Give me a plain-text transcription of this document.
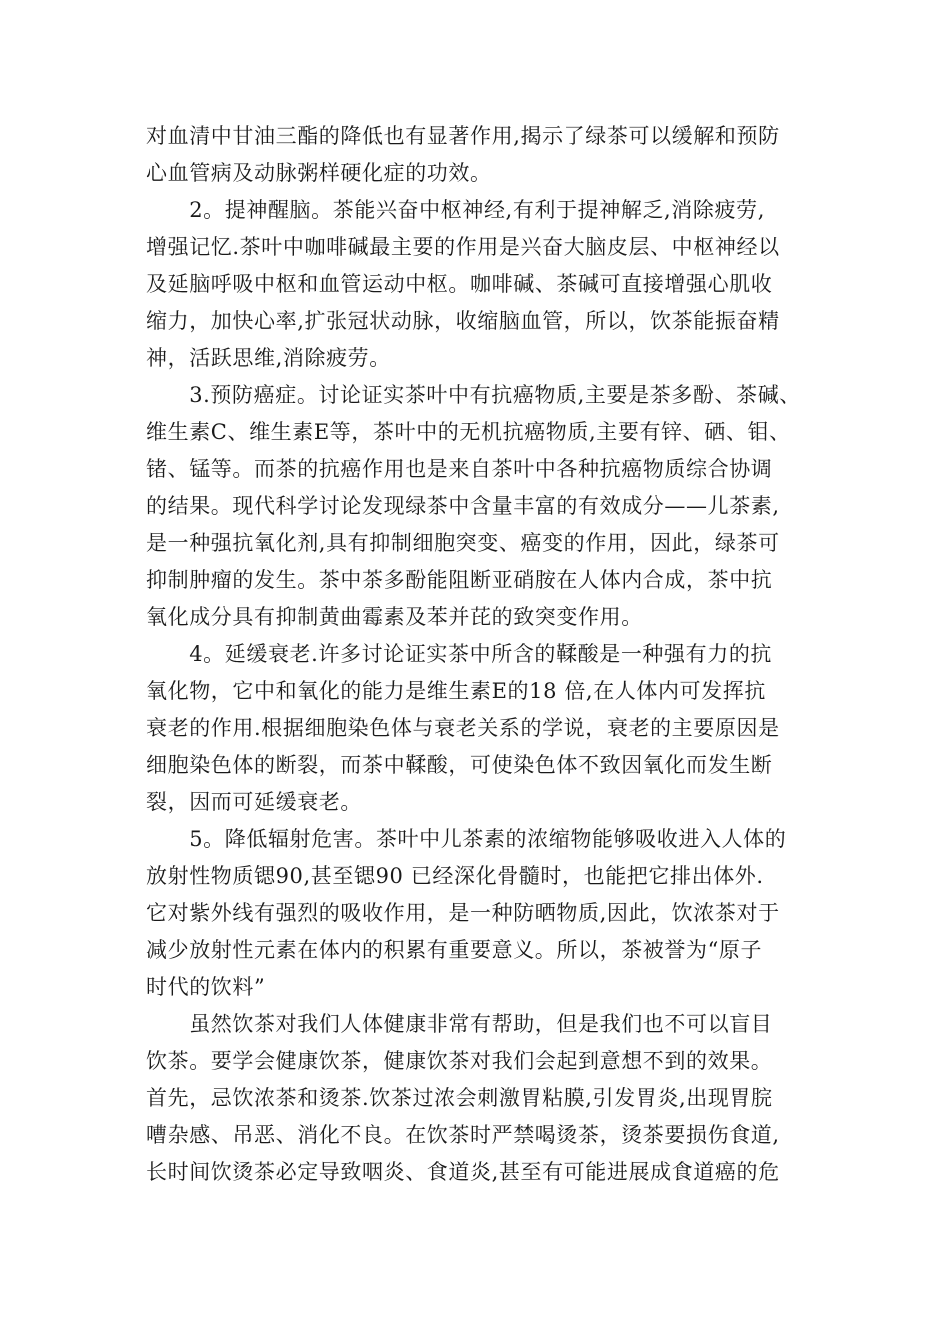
对血清中甘油三酯的降低也有显著作用,揭示了绿茶可以缓解和预防
心血管病及动脉粥样硬化症的功效。
　　2。提神醒脑。茶能兴奋中枢神经,有利于提神解乏,消除疲劳,
增强记忆.茶叶中咖啡碱最主要的作用是兴奋大脑皮层、中枢神经以
及延脑呼吸中枢和血管运动中枢。咖啡碱、茶碱可直接增强心肌收
缩力，加快心率,扩张冠状动脉，收缩脑血管，所以，饮茶能振奋精
神，活跃思维,消除疲劳。
　　3.预防癌症。讨论证实茶叶中有抗癌物质,主要是茶多酚、茶碱、
维生素C、维生素E等，茶叶中的无机抗癌物质,主要有锌、硒、钼、
锗、锰等。而茶的抗癌作用也是来自茶叶中各种抗癌物质综合协调
的结果。现代科学讨论发现绿茶中含量丰富的有效成分——儿茶素,
是一种强抗氧化剂,具有抑制细胞突变、癌变的作用，因此，绿茶可
抑制肿瘤的发生。茶中茶多酚能阻断亚硝胺在人体内合成，茶中抗
氧化成分具有抑制黄曲霉素及苯并芘的致突变作用。
　　4。延缓衰老.许多讨论证实茶中所含的鞣酸是一种强有力的抗
氧化物，它中和氧化的能力是维生素E的18 倍,在人体内可发挥抗
衰老的作用.根据细胞染色体与衰老关系的学说，衰老的主要原因是
细胞染色体的断裂，而茶中鞣酸，可使染色体不致因氧化而发生断
裂，因而可延缓衰老。
　　5。降低辐射危害。茶叶中儿茶素的浓缩物能够吸收进入人体的
放射性物质锶90,甚至锶90 已经深化骨髓时，也能把它排出体外.
它对紫外线有强烈的吸收作用，是一种防晒物质,因此，饮浓茶对于
减少放射性元素在体内的积累有重要意义。所以，茶被誉为“原子
时代的饮料”
　　虽然饮茶对我们人体健康非常有帮助，但是我们也不可以盲目
饮茶。要学会健康饮茶，健康饮茶对我们会起到意想不到的效果。
首先，忌饮浓茶和烫茶.饮茶过浓会刺激胃粘膜,引发胃炎,出现胃脘
嘈杂感、吊恶、消化不良。在饮茶时严禁喝烫茶，烫茶要损伤食道,
长时间饮烫茶必定导致咽炎、食道炎,甚至有可能进展成食道癌的危
